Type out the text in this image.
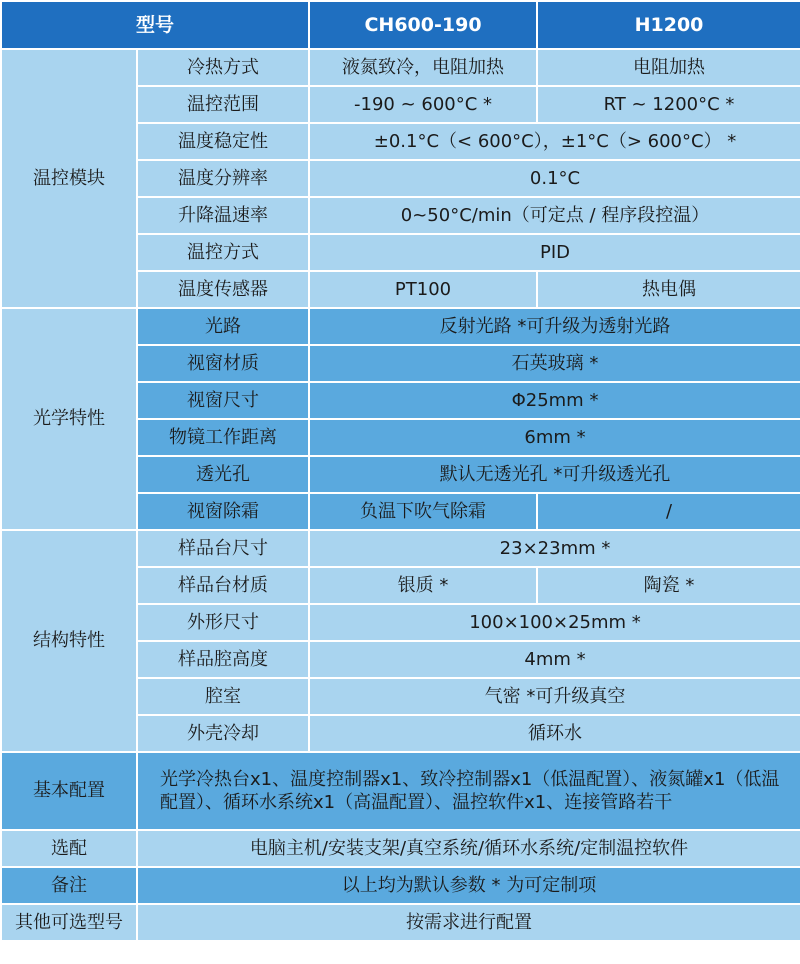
型号		CH600-190	H1200
温控模块	冷热方式	液氮致冷，电阻加热	电阻加热
	温控范围	-190 ~ 600°C *	RT ~ 1200°C *
	温度稳定性	±0.1°C（< 600°C），±1°C（> 600°C） *	
	温度分辨率	0.1°C	
	升降温速率	0~50°C/min（可定点 / 程序段控温）	
	温控方式	PID	
	温度传感器	PT100	热电偶
光学特性	光路	反射光路 *可升级为透射光路	
	视窗材质	石英玻璃 *	
	视窗尺寸	Φ25mm *	
	物镜工作距离	6mm *	
	透光孔	默认无透光孔 *可升级透光孔	
	视窗除霜	负温下吹气除霜	/
结构特性	样品台尺寸	23×23mm *	
	样品台材质	银质 *	陶瓷 *
	外形尺寸	100×100×25mm *	
	样品腔高度	4mm *	
	腔室	气密 *可升级真空	
	外壳冷却	循环水	
基本配置	光学冷热台x1、温度控制器x1、致冷控制器x1（低温配置）、液氮罐x1（低温配置）、循环水系统x1（高温配置）、温控软件x1、连接管路若干		
选配	电脑主机/安装支架/真空系统/循环水系统/定制温控软件		
备注	以上均为默认参数 * 为可定制项		
其他可选型号	按需求进行配置		
